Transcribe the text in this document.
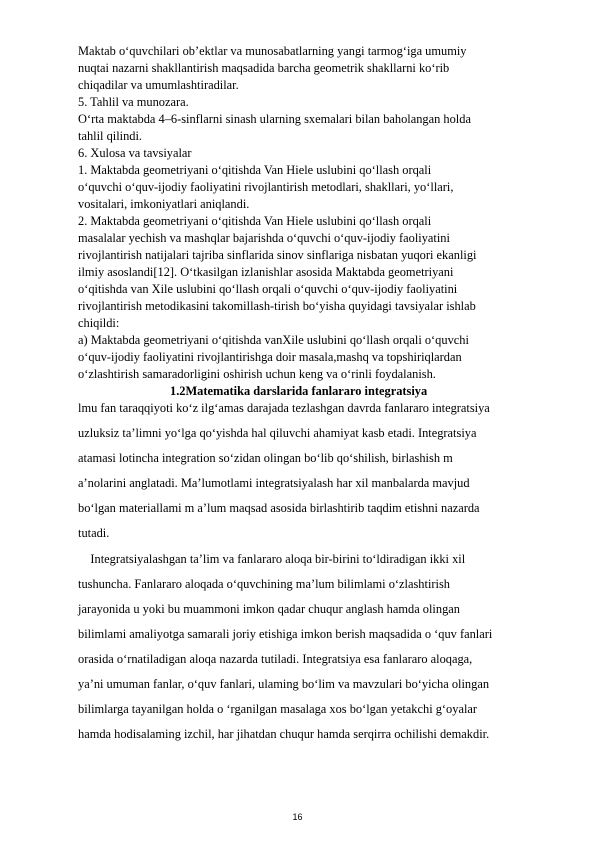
Maktab o‘quvchilari ob’ektlar va munosabatlarning yangi tarmog‘iga umumiy
nuqtai nazarni shakllantirish maqsadida barcha geometrik shakllarni ko‘rib
chiqadilar va umumlashtiradilar.
5. Tahlil va munozara.
O‘rta maktabda 4–6-sinflarni sinash ularning sxemalari bilan baholangan holda
tahlil qilindi.
6. Xulosa va tavsiyalar
1. Maktabda geometriyani o‘qitishda Van Hiele uslubini qo‘llash orqali
o‘quvchi o‘quv-ijodiy faoliyatini rivojlantirish metodlari, shakllari, yo‘llari,
vositalari, imkoniyatlari aniqlandi.
2. Maktabda geometriyani o‘qitishda Van Hiele uslubini qo‘llash orqali
masalalar yechish va mashqlar bajarishda o‘quvchi o‘quv-ijodiy faoliyatini
rivojlantirish natijalari tajriba sinflarida sinov sinflariga nisbatan yuqori ekanligi
ilmiy asoslandi[12]. O‘tkasilgan izlanishlar asosida Maktabda geometriyani
o‘qitishda van Xile uslubini qo‘llash orqali o‘quvchi o‘quv-ijodiy faoliyatini
rivojlantirish metodikasini takomillash-tirish bo‘yisha quyidagi tavsiyalar ishlab
chiqildi:
a) Maktabda geometriyani o‘qitishda vanXile uslubini qo‘llash orqali o‘quvchi
o‘quv-ijodiy faoliyatini rivojlantirishga doir masala,mashq va topshiriqlardan
o‘zlashtirish samaradorligini oshirish uchun keng va o‘rinli foydalanish.
1.2Matematika darslarida fanlararo integratsiya
lmu fan taraqqiyoti ko‘z ilg‘amas darajada tezlashgan davrda fanlararo integratsiya
uzluksiz ta’limni yo‘lga qo‘yishda hal qiluvchi ahamiyat kasb etadi. Integratsiya
atamasi lotincha integration so‘zidan olingan bo‘lib qo‘shilish, birlashish m
a’nolarini anglatadi. Ma’lumotlami integratsiyalash har xil manbalarda mavjud
bo‘lgan materiallami m a’lum maqsad asosida birlashtirib taqdim etishni nazarda
tutadi.
Integratsiyalashgan ta’lim va fanlararo aloqa bir-birini to‘ldiradigan ikki xil
tushuncha. Fanlararo aloqada o‘quvchining ma’lum bilimlami o‘zlashtirish
jarayonida u yoki bu muammoni imkon qadar chuqur anglash hamda olingan
bilimlami amaliyotga samarali joriy etishiga imkon berish maqsadida o ‘quv fanlari
orasida o‘rnatiladigan aloqa nazarda tutiladi. Integratsiya esa fanlararo aloqaga,
ya’ni umuman fanlar, o‘quv fanlari, ulaming bo‘lim va mavzulari bo‘yicha olingan
bilimlarga tayanilgan holda o ‘rganilgan masalaga xos bo‘lgan yetakchi g‘oyalar
hamda hodisalaming izchil, har jihatdan chuqur hamda serqirra ochilishi demakdir.
16
